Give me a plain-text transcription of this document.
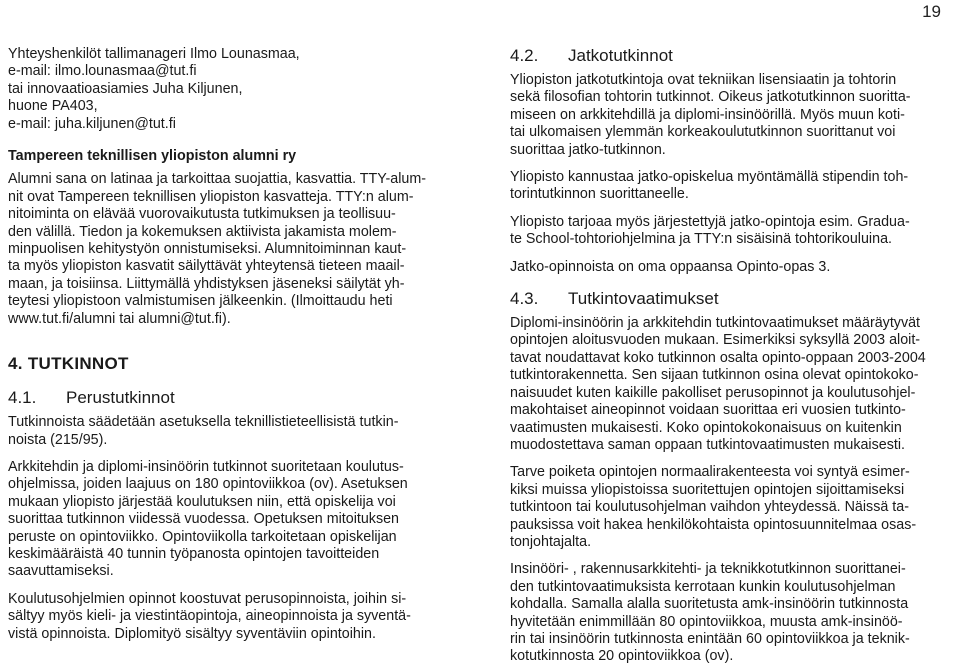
19

Yhteyshenkilöt tallimanageri Ilmo Lounasmaa,
e-mail: ilmo.lounasmaa@tut.fi
tai innovaatioasiamies Juha Kiljunen,
huone PA403,
e-mail: juha.kiljunen@tut.fi

Tampereen teknillisen yliopiston alumni ry

Alumni sana on latinaa ja tarkoittaa suojattia, kasvattia. TTY-alum-
nit ovat Tampereen teknillisen yliopiston kasvatteja. TTY:n alum-
nitoiminta on elävää vuorovaikutusta tutkimuksen ja teollisuu-
den välillä. Tiedon ja kokemuksen aktiivista jakamista molem-
minpuolisen kehitystyön onnistumiseksi. Alumnitoiminnan kaut-
ta myös yliopiston kasvatit säilyttävät yhteytensä tieteen maail-
maan, ja toisiinsa. Liittymällä yhdistyksen jäseneksi säilytät yh-
teytesi yliopistoon valmistumisen jälkeenkin. (Ilmoittaudu heti
www.tut.fi/alumni tai alumni@tut.fi).

4. TUTKINNOT
4.1. Perustutkinnot

Tutkinnoista säädetään asetuksella teknillistieteellisistä tutkin-
noista (215/95).

Arkkitehdin ja diplomi-insinöörin tutkinnot suoritetaan koulutus-
ohjelmissa, joiden laajuus on 180 opintoviikkoa (ov). Asetuksen
mukaan yliopisto järjestää koulutuksen niin, että opiskelija voi
suorittaa tutkinnon viidessä vuodessa. Opetuksen mitoituksen
peruste on opintoviikko. Opintoviikolla tarkoitetaan opiskelijan
keskimääräistä 40 tunnin työpanosta opintojen tavoitteiden
saavuttamiseksi.

Koulutusohjelmien opinnot koostuvat perusopinnoista, joihin si-
sältyy myös kieli- ja viestintäopintoja, aineopinnoista ja syventä-
vistä opinnoista. Diplomityö sisältyy syventäviin opintoihin.

4.2. Jatkotutkinnot

Yliopiston jatkotutkintoja ovat tekniikan lisensiaatin ja tohtorin
sekä filosofian tohtorin tutkinnot. Oikeus jatkotutkinnon suoritta-
miseen on arkkitehdillä ja diplomi-insinöörillä. Myös muun koti-
tai ulkomaisen ylemmän korkeakoulututkinnon suorittanut voi
suorittaa jatko-tutkinnon.

Yliopisto kannustaa jatko-opiskelua myöntämällä stipendin toh-
torintutkinnon suorittaneelle.

Yliopisto tarjoaa myös järjestettyjä jatko-opintoja esim. Gradua-
te School-tohtoriohjelmina ja TTY:n sisäisinä tohtorikouluina.

Jatko-opinnoista on oma oppaansa Opinto-opas 3.

4.3. Tutkintovaatimukset

Diplomi-insinöörin ja arkkitehdin tutkintovaatimukset määräytyvät
opintojen aloitusvuoden mukaan. Esimerkiksi syksyllä 2003 aloit-
tavat noudattavat koko tutkinnon osalta opinto-oppaan 2003-2004
tutkintorakennetta. Sen sijaan tutkinnon osina olevat opintokoko-
naisuudet kuten kaikille pakolliset perusopinnot ja koulutusohjel-
makohtaiset aineopinnot voidaan suorittaa eri vuosien tutkinto-
vaatimusten mukaisesti. Koko opintokokonaisuus on kuitenkin
muodostettava saman oppaan tutkintovaatimusten mukaisesti.

Tarve poiketa opintojen normaalirakenteesta voi syntyä esimer-
kiksi muissa yliopistoissa suoritettujen opintojen sijoittamiseksi
tutkintoon tai koulutusohjelman vaihdon yhteydessä. Näissä ta-
pauksissa voit hakea henkilökohtaista opintosuunnitelmaa osas-
tonjohtajalta.

Insinööri- , rakennusarkkitehti- ja teknikkotutkinnon suorittanei-
den tutkintovaatimuksista kerrotaan kunkin koulutusohjelman
kohdalla. Samalla alalla suoritetusta amk-insinöörin tutkinnosta
hyvitetään enimmillään 80 opintoviikkoa, muusta amk-insinöö-
rin tai insinöörin tutkinnosta enintään 60 opintoviikkoa ja teknik-
kotutkinnosta 20 opintoviikkoa (ov).
